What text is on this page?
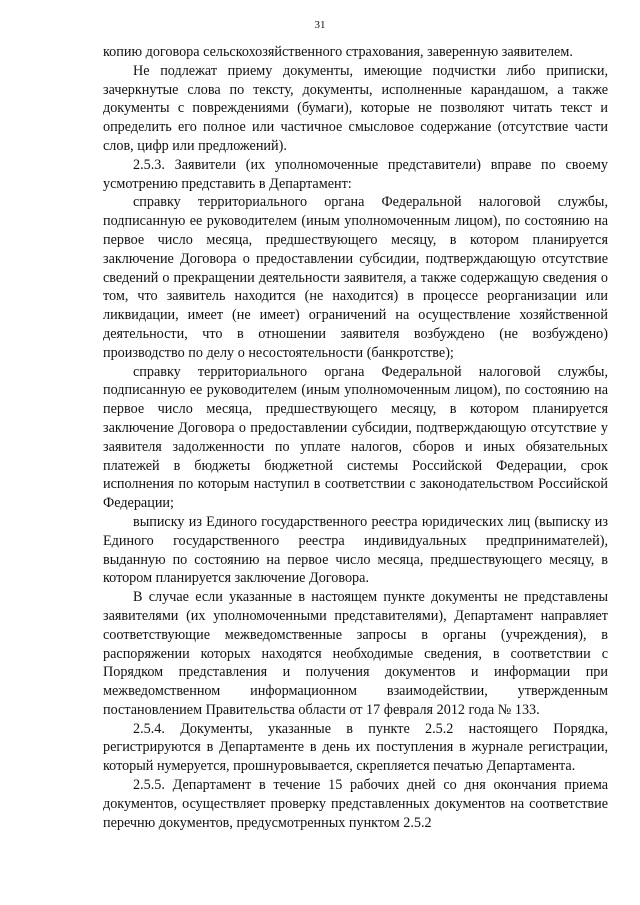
31

копию договора сельскохозяйственного страхования, заверенную заявителем.

Не подлежат приему документы, имеющие подчистки либо приписки, зачеркнутые слова по тексту, документы, исполненные карандашом, а также документы с повреждениями (бумаги), которые не позволяют читать текст и определить его полное или частичное смысловое содержание (отсутствие части слов, цифр или предложений).

2.5.3. Заявители (их уполномоченные представители) вправе по своему усмотрению представить в Департамент:

справку территориального органа Федеральной налоговой службы, подписанную ее руководителем (иным уполномоченным лицом), по состоянию на первое число месяца, предшествующего месяцу, в котором планируется заключение Договора о предоставлении субсидии, подтверждающую отсутствие сведений о прекращении деятельности заявителя, а также содержащую сведения о том, что заявитель находится (не находится) в процессе реорганизации или ликвидации, имеет (не имеет) ограничений на осуществление хозяйственной деятельности, что в отношении заявителя возбуждено (не возбуждено) производство по делу о несостоятельности (банкротстве);

справку территориального органа Федеральной налоговой службы, подписанную ее руководителем (иным уполномоченным лицом), по состоянию на первое число месяца, предшествующего месяцу, в котором планируется заключение Договора о предоставлении субсидии, подтверждающую отсутствие у заявителя задолженности по уплате налогов, сборов и иных обязательных платежей в бюджеты бюджетной системы Российской Федерации, срок исполнения по которым наступил в соответствии с законодательством Российской Федерации;

выписку из Единого государственного реестра юридических лиц (выписку из Единого государственного реестра индивидуальных предпринимателей), выданную по состоянию на первое число месяца, предшествующего месяцу, в котором планируется заключение Договора.

В случае если указанные в настоящем пункте документы не представлены заявителями (их уполномоченными представителями), Департамент направляет соответствующие межведомственные запросы в органы (учреждения), в распоряжении которых находятся необходимые сведения, в соответствии с Порядком представления и получения документов и информации при межведомственном информационном взаимодействии, утвержденным постановлением Правительства области от 17 февраля 2012 года № 133.

2.5.4. Документы, указанные в пункте 2.5.2 настоящего Порядка, регистрируются в Департаменте в день их поступления в журнале регистрации, который нумеруется, прошнуровывается, скрепляется печатью Департамента.

2.5.5. Департамент в течение 15 рабочих дней со дня окончания приема документов, осуществляет проверку представленных документов на соответствие перечню документов, предусмотренных пунктом 2.5.2
